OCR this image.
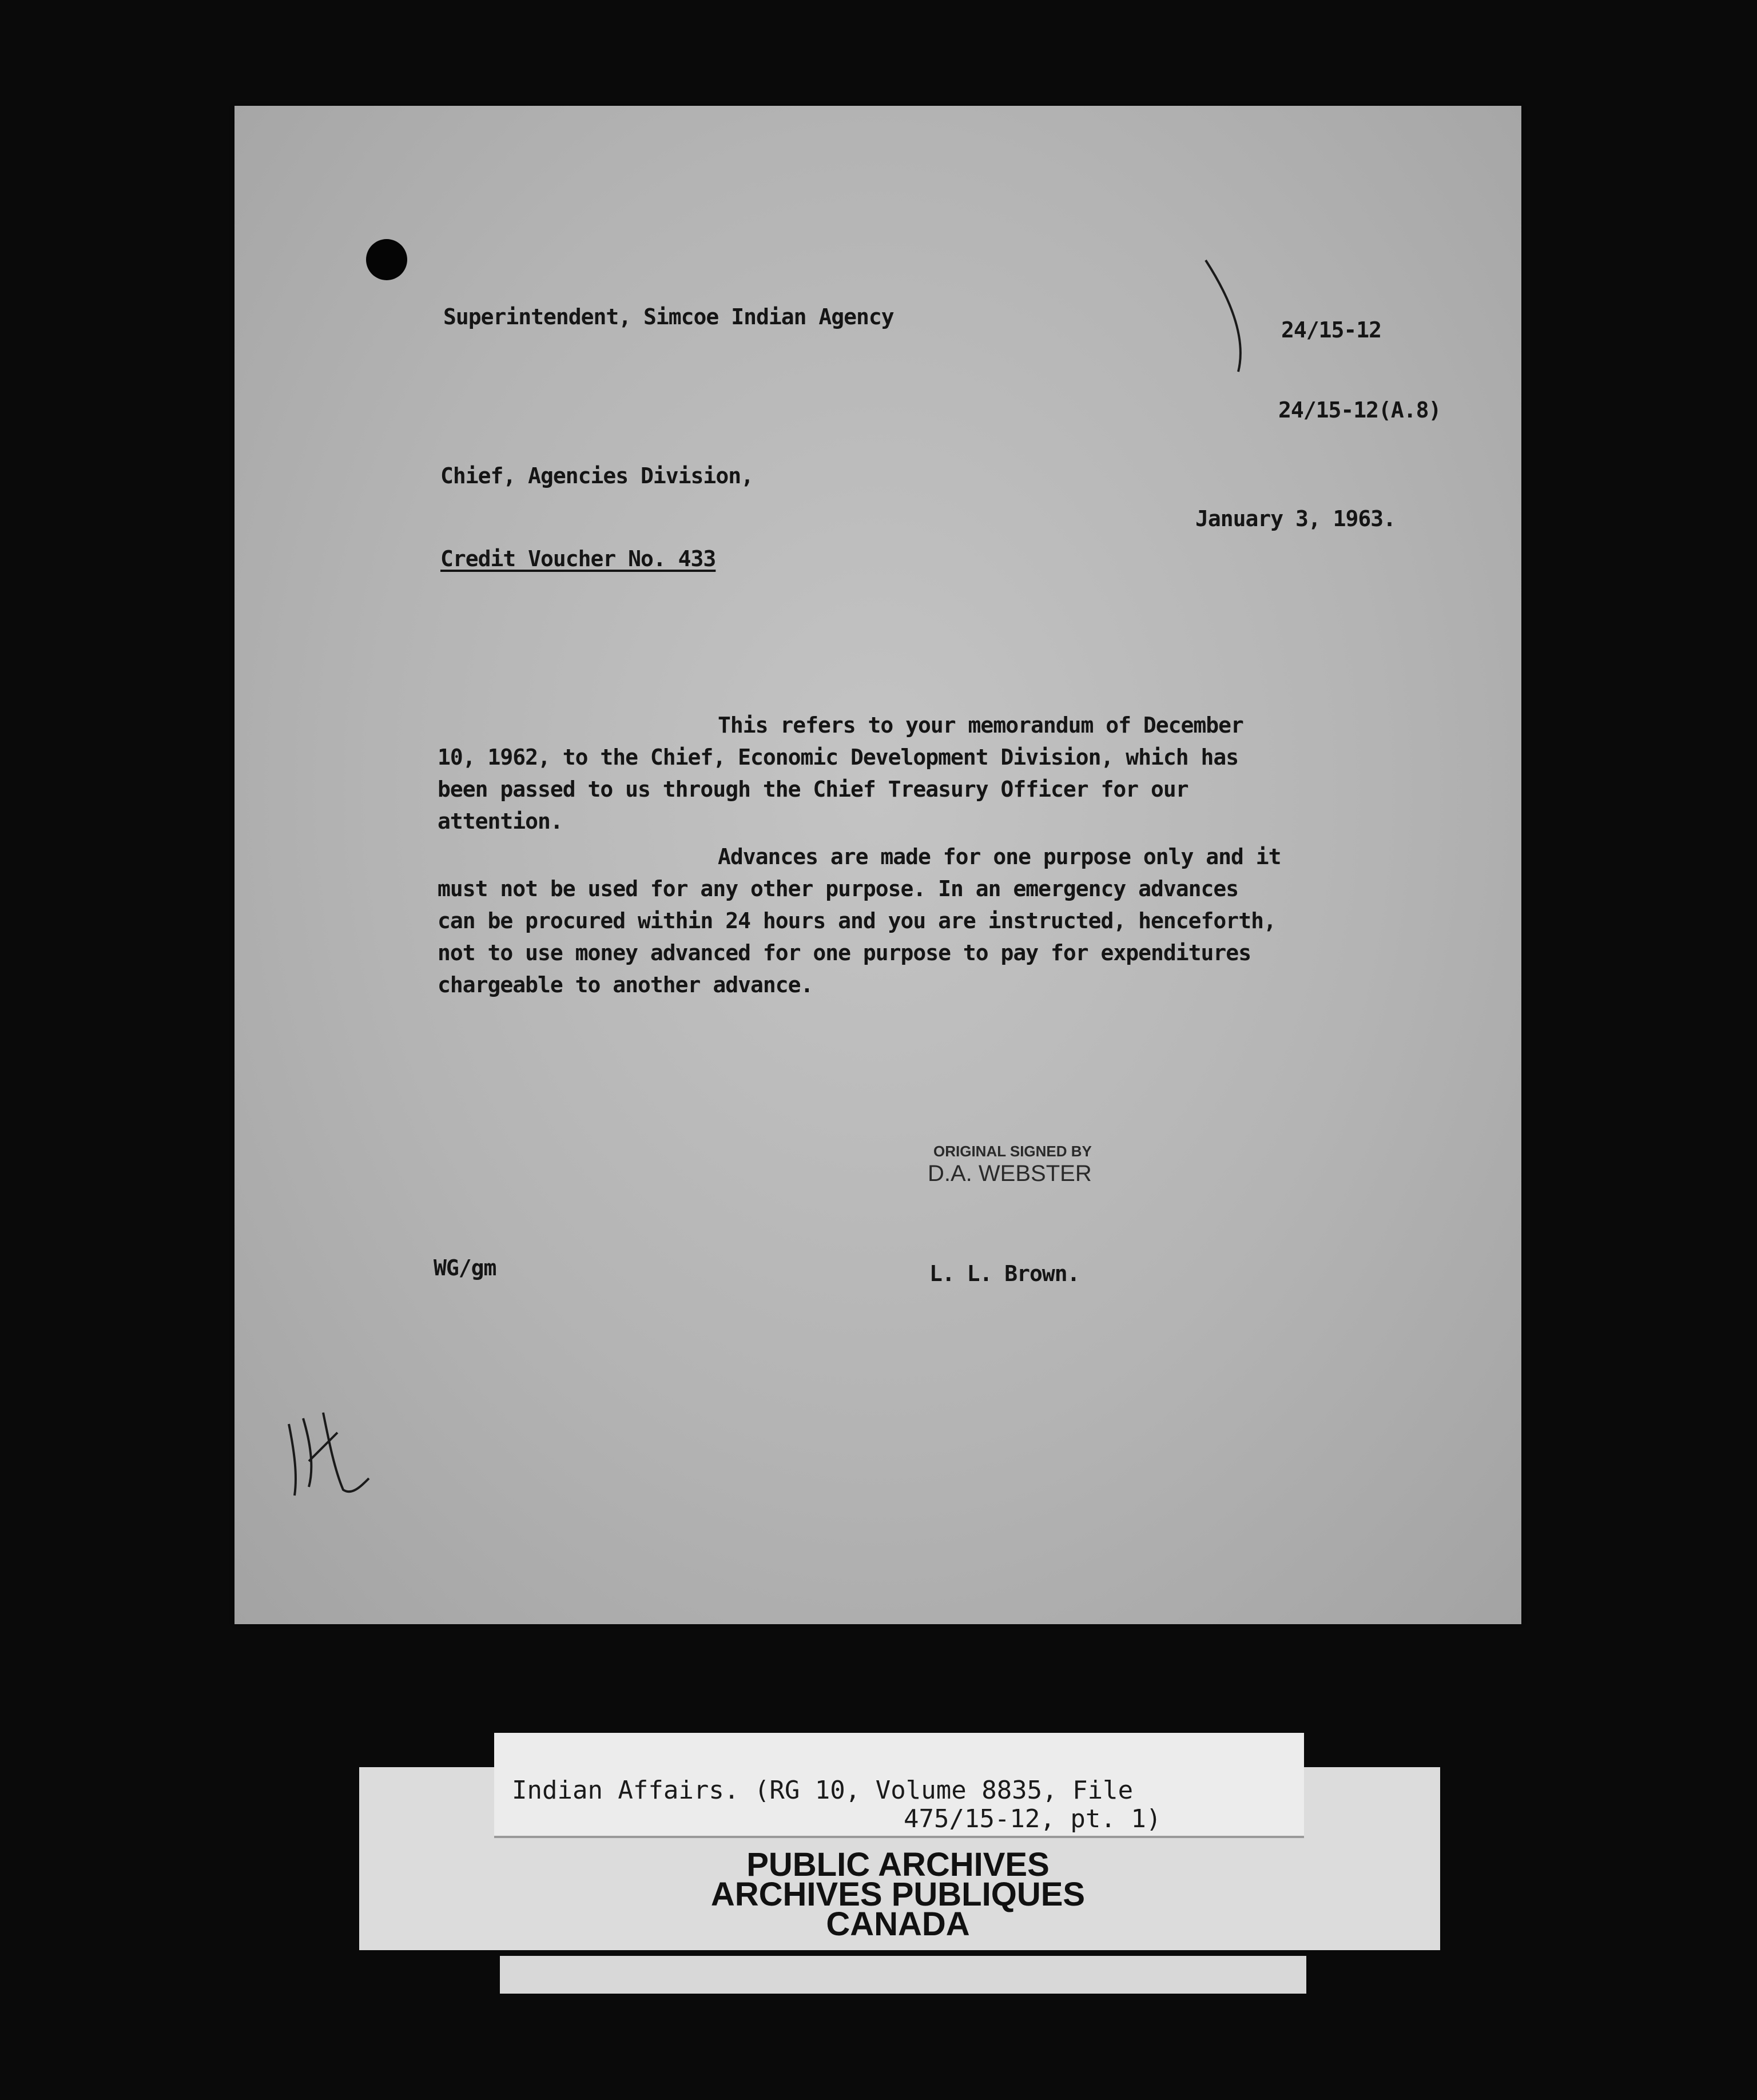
Superintendent, Simcoe Indian Agency

24/15-12

24/15-12(A.8)

Chief, Agencies Division,

January 3, 1963.

Credit Voucher No. 433

This refers to your memorandum of December
10, 1962, to the Chief, Economic Development Division, which has
been passed to us through the Chief Treasury Officer for our
attention.
Advances are made for one purpose only and it
must not be used for any other purpose. In an emergency advances
can be procured within 24 hours and you are instructed, henceforth,
not to use money advanced for one purpose to pay for expenditures
chargeable to another advance.
ORIGINAL SIGNED BY
D.A. WEBSTER

WG/gm	L. L. Brown.

Indian Affairs. (RG 10, Volume 8835, File

475/15-12, pt. 1)

PUBLIC ARCHIVES
ARCHIVES PUBLIQUES
CANADA
